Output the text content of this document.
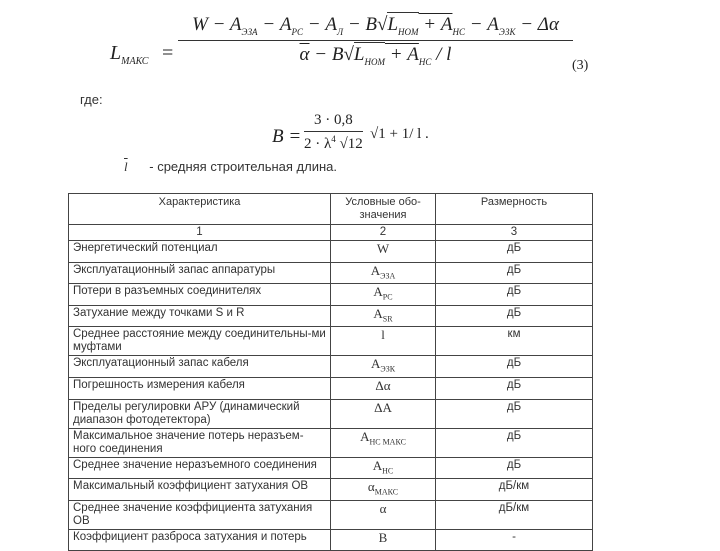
$L_{МАКС}$ =
$W - A_{ЭЗА} - A_{РС} - A_Л - B√L_{НОМ} + A_{НС} - A_{ЭЗК} - \Delta\alpha$
$\overline{\alpha} - B√L_{НОМ} + A_{НС} / l$
(3)
где:
B =
3 · 0,8
$2 \cdot \lambda^4$ √12
√1 + 1/ l .
$\overline{l}$ - средняя строительная длина.
Характеристика	Условные обо-значения	Размерность
1	2	3
Энергетический потенциал	W	дБ
Эксплуатационный запас аппаратуры	$A_{ЭЗА}$	дБ
Потери в разъемных соединителях	$A_{РС}$	дБ
Затухание между точками S и R	$A_{SR}$	дБ
Среднее расстояние между соединительны-ми муфтами	l	км
Эксплуатационный запас кабеля	$A_{ЭЗК}$	дБ
Погрешность измерения кабеля	Δα	дБ
Пределы регулировки АРУ (динамический диапазон фотодетектора)	ΔA	дБ
Максимальное значение потерь неразъем-ного соединения	$A_{НС МАКС}$	дБ
Среднее значение неразъемного соединения	$A_{НС}$	дБ
Максимальный коэффициент затухания ОВ	$\alpha_{МАКС}$	дБ/км
Среднее значение коэффициента затухания ОВ	α	дБ/км
Коэффициент разброса затухания и потерь	B	-
